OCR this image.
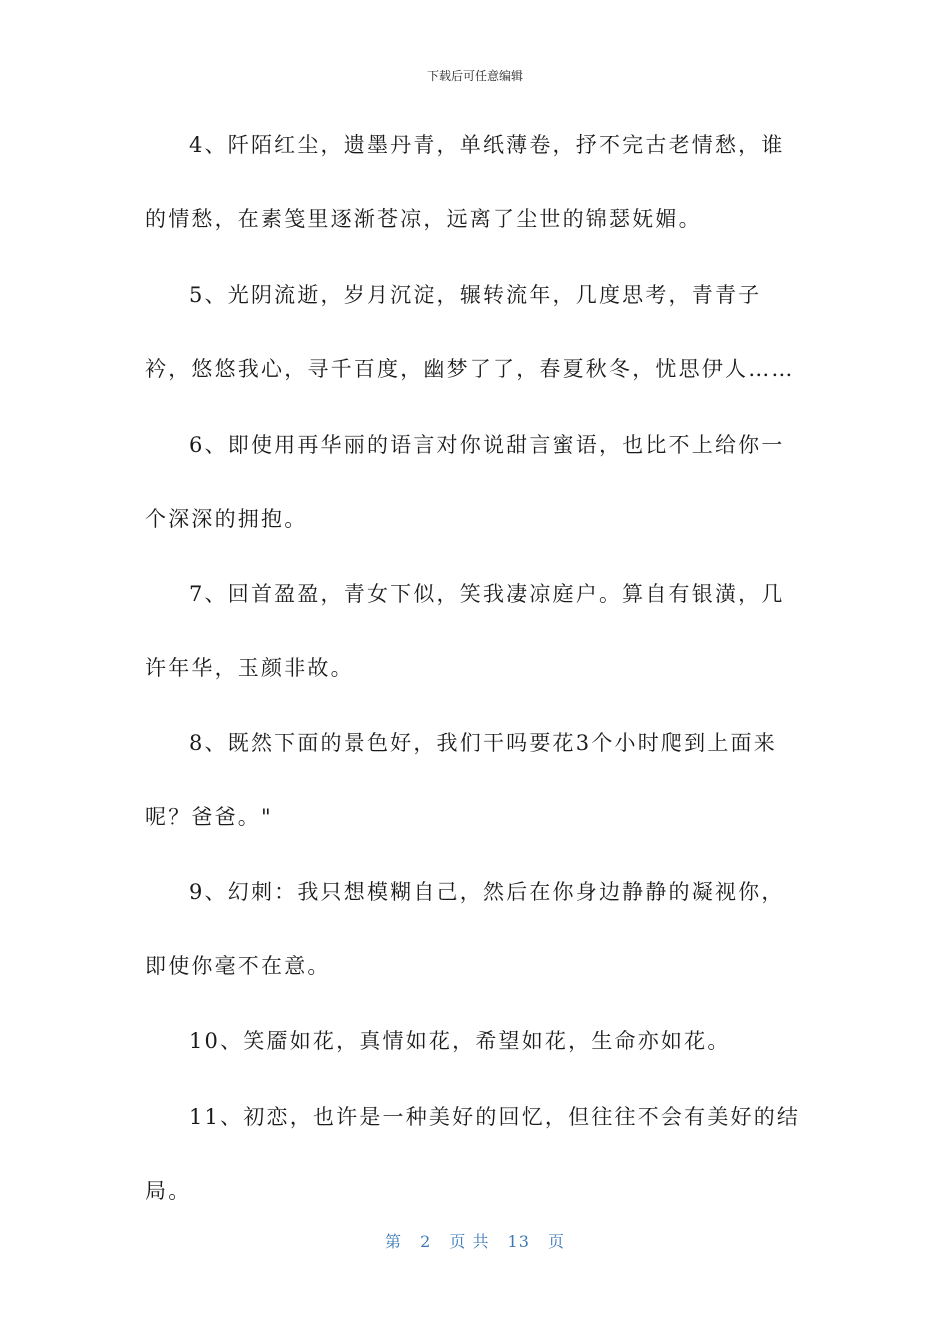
下载后可任意编辑

4、阡陌红尘，遗墨丹青，单纸薄卷，抒不完古老情愁，谁的情愁，在素笺里逐渐苍凉，远离了尘世的锦瑟妩媚。

5、光阴流逝，岁月沉淀，辗转流年，几度思考，青青子衿，悠悠我心，寻千百度，幽梦了了，春夏秋冬，忧思伊人……

6、即使用再华丽的语言对你说甜言蜜语，也比不上给你一个深深的拥抱。

7、回首盈盈，青女下似，笑我凄凉庭户。算自有银潢，几许年华，玉颜非故。

8、既然下面的景色好，我们干吗要花3个小时爬到上面来呢？爸爸。"

9、幻刺：我只想模糊自己，然后在你身边静静的凝视你，即使你毫不在意。

10、笑靥如花，真情如花，希望如花，生命亦如花。

11、初恋，也许是一种美好的回忆，但往往不会有美好的结局。

第 2 页 共 13 页
